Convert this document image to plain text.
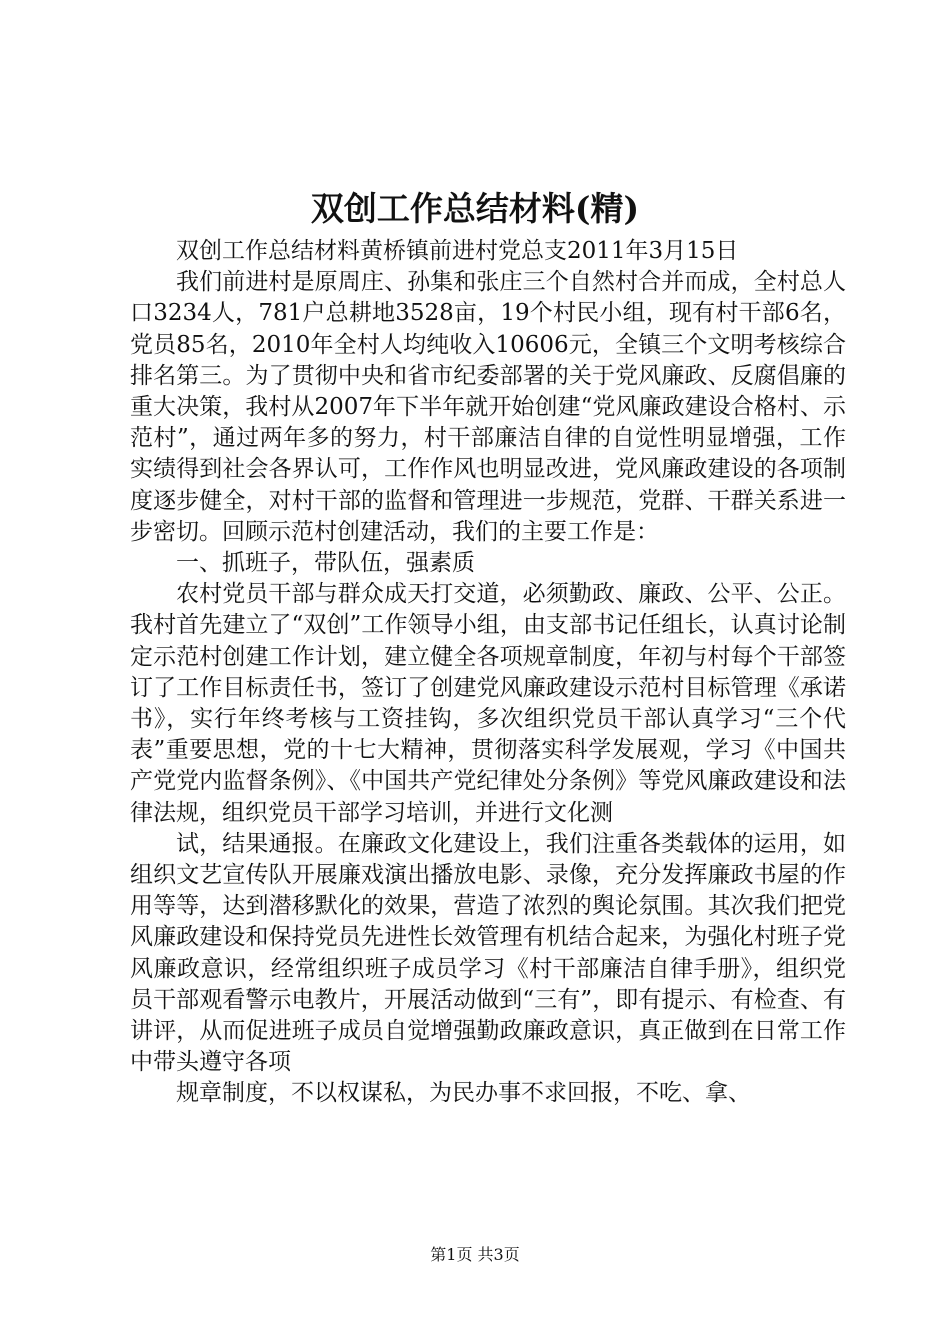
双创工作总结材料(精)

双创工作总结材料黄桥镇前进村党总支2011年3月15日

我们前进村是原周庄、孙集和张庄三个自然村合并而成，全村总人口3234人，781户总耕地3528亩，19个村民小组，现有村干部6名，党员85名，2010年全村人均纯收入10606元，全镇三个文明考核综合排名第三。为了贯彻中央和省市纪委部署的关于党风廉政、反腐倡廉的重大决策，我村从2007年下半年就开始创建“党风廉政建设合格村、示范村”，通过两年多的努力，村干部廉洁自律的自觉性明显增强，工作实绩得到社会各界认可，工作作风也明显改进，党风廉政建设的各项制度逐步健全，对村干部的监督和管理进一步规范，党群、干群关系进一步密切。回顾示范村创建活动，我们的主要工作是：

一、抓班子，带队伍，强素质

农村党员干部与群众成天打交道，必须勤政、廉政、公平、公正。我村首先建立了“双创”工作领导小组，由支部书记任组长，认真讨论制定示范村创建工作计划，建立健全各项规章制度，年初与村每个干部签订了工作目标责任书，签订了创建党风廉政建设示范村目标管理《承诺书》，实行年终考核与工资挂钩，多次组织党员干部认真学习“三个代表”重要思想，党的十七大精神，贯彻落实科学发展观，学习《中国共产党党内监督条例》、《中国共产党纪律处分条例》等党风廉政建设和法律法规，组织党员干部学习培训，并进行文化测

试，结果通报。在廉政文化建设上，我们注重各类载体的运用，如组织文艺宣传队开展廉戏演出播放电影、录像，充分发挥廉政书屋的作用等等，达到潜移默化的效果，营造了浓烈的舆论氛围。其次我们把党风廉政建设和保持党员先进性长效管理有机结合起来，为强化村班子党风廉政意识，经常组织班子成员学习《村干部廉洁自律手册》，组织党员干部观看警示电教片，开展活动做到“三有”，即有提示、有检查、有讲评，从而促进班子成员自觉增强勤政廉政意识，真正做到在日常工作中带头遵守各项

规章制度，不以权谋私，为民办事不求回报，不吃、拿、

第1页 共3页
